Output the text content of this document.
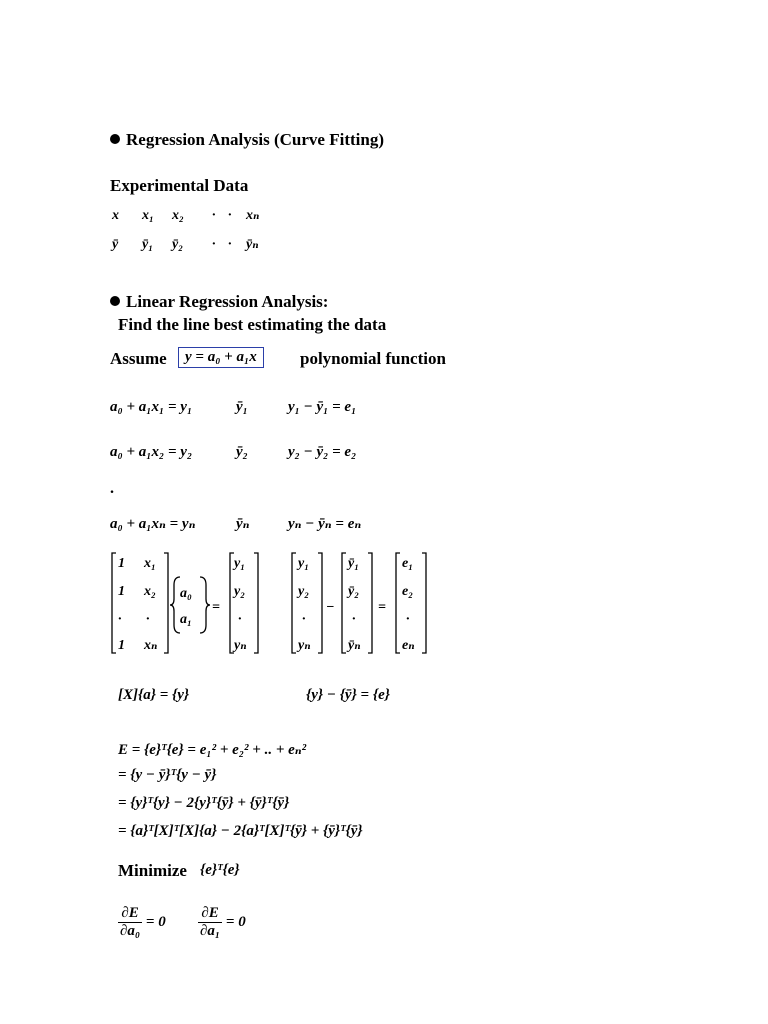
Regression Analysis (Curve Fitting)
Experimental Data
x x₁ x₂ · · xₙ
ȳ ȳ₁ ȳ₂ · · ȳₙ
Linear Regression Analysis:
Find the line best estimating the data
Assume	y = a₀ + a₁x	polynomial function
a₀ + a₁x₁ = y₁	ȳ₁	y₁ − ȳ₁ = e₁
a₀ + a₁x₂ = y₂	ȳ₂	y₂ − ȳ₂ = e₂
.
a₀ + a₁xₙ = yₙ	ȳₙ	yₙ − ȳₙ = eₙ
1 x₁
1 x₂
· ·
1 xₙ
a₀
a₁
=
y₁
y₂
·
yₙ
y₁
y₂
·
yₙ
−
ȳ₁
ȳ₂
·
ȳₙ
=
e₁
e₂
·
eₙ
[X]{a} = {y}	{y} − {ȳ} = {e}
E = {e}ᵀ{e} = e₁² + e₂² + .. + eₙ²
= {y − ȳ}ᵀ{y − ȳ}
= {y}ᵀ{y} − 2{y}ᵀ{ȳ} + {ȳ}ᵀ{ȳ}
= {a}ᵀ[X]ᵀ[X]{a} − 2{a}ᵀ[X]ᵀ{ȳ} + {ȳ}ᵀ{ȳ}
Minimize {e}ᵀ{e}
$\frac{\partial E}{\text{∂a₀}} = 0 \frac{\partial E}{\text{∂a₁}} = 0$
